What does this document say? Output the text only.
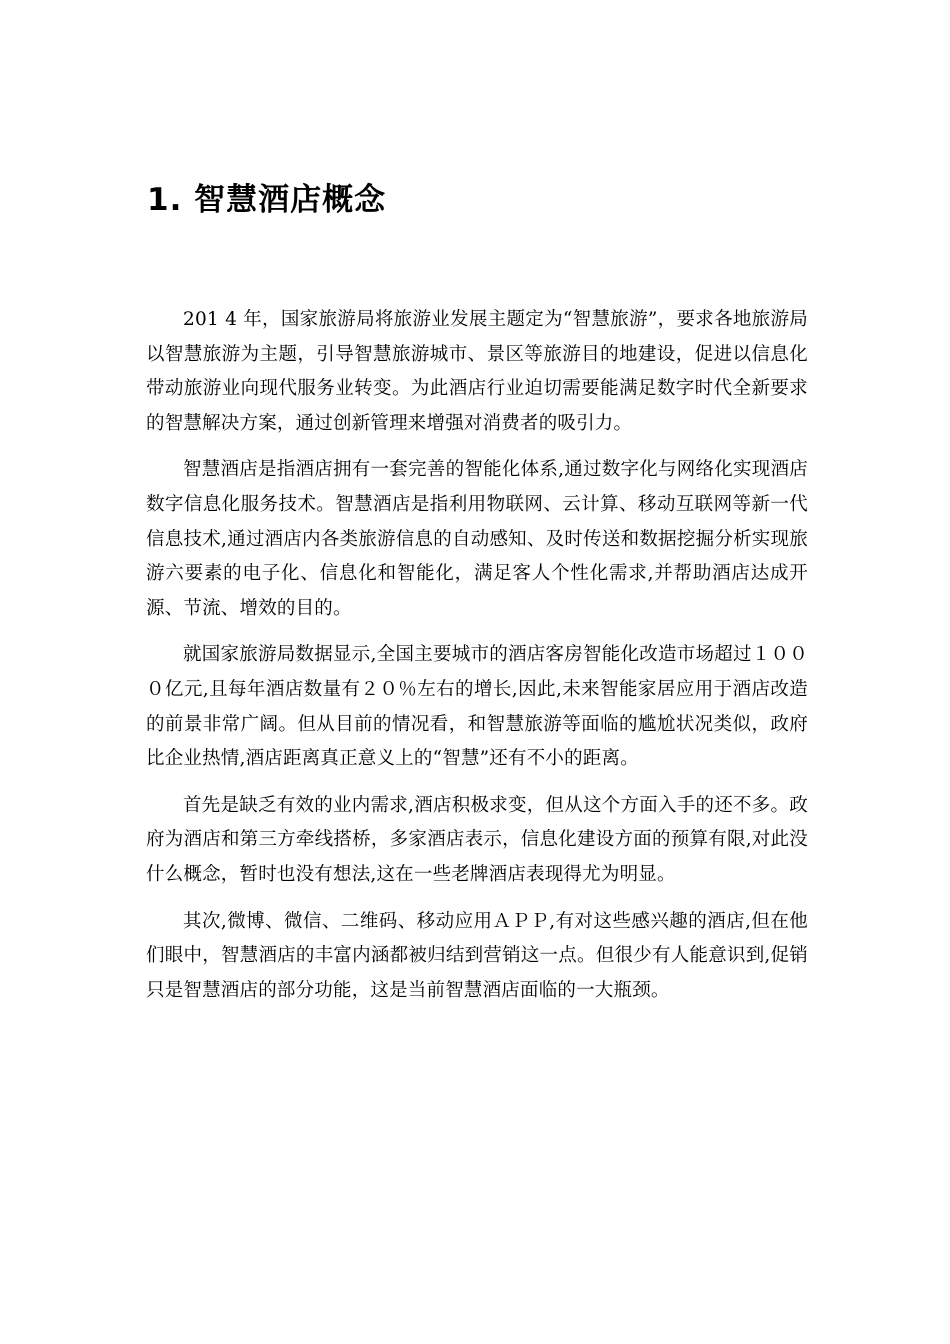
1. 智慧酒店概念

201 4 年，国家旅游局将旅游业发展主题定为“智慧旅游”，要求各地旅游局以智慧旅游为主题，引导智慧旅游城市、景区等旅游目的地建设，促进以信息化带动旅游业向现代服务业转变。为此酒店行业迫切需要能满足数字时代全新要求的智慧解决方案，通过创新管理来增强对消费者的吸引力。

智慧酒店是指酒店拥有一套完善的智能化体系,通过数字化与网络化实现酒店数字信息化服务技术。智慧酒店是指利用物联网、云计算、移动互联网等新一代信息技术,通过酒店内各类旅游信息的自动感知、及时传送和数据挖掘分析实现旅游六要素的电子化、信息化和智能化，满足客人个性化需求,并帮助酒店达成开源、节流、增效的目的。

就国家旅游局数据显示,全国主要城市的酒店客房智能化改造市场超过１０００亿元,且每年酒店数量有２０％左右的增长,因此,未来智能家居应用于酒店改造的前景非常广阔。但从目前的情况看，和智慧旅游等面临的尴尬状况类似，政府比企业热情,酒店距离真正意义上的“智慧”还有不小的距离。

首先是缺乏有效的业内需求,酒店积极求变，但从这个方面入手的还不多。政府为酒店和第三方牵线搭桥，多家酒店表示，信息化建设方面的预算有限,对此没什么概念，暂时也没有想法,这在一些老牌酒店表现得尤为明显。

其次,微博、微信、二维码、移动应用ＡＰＰ,有对这些感兴趣的酒店,但在他们眼中，智慧酒店的丰富内涵都被归结到营销这一点。但很少有人能意识到,促销只是智慧酒店的部分功能，这是当前智慧酒店面临的一大瓶颈。
